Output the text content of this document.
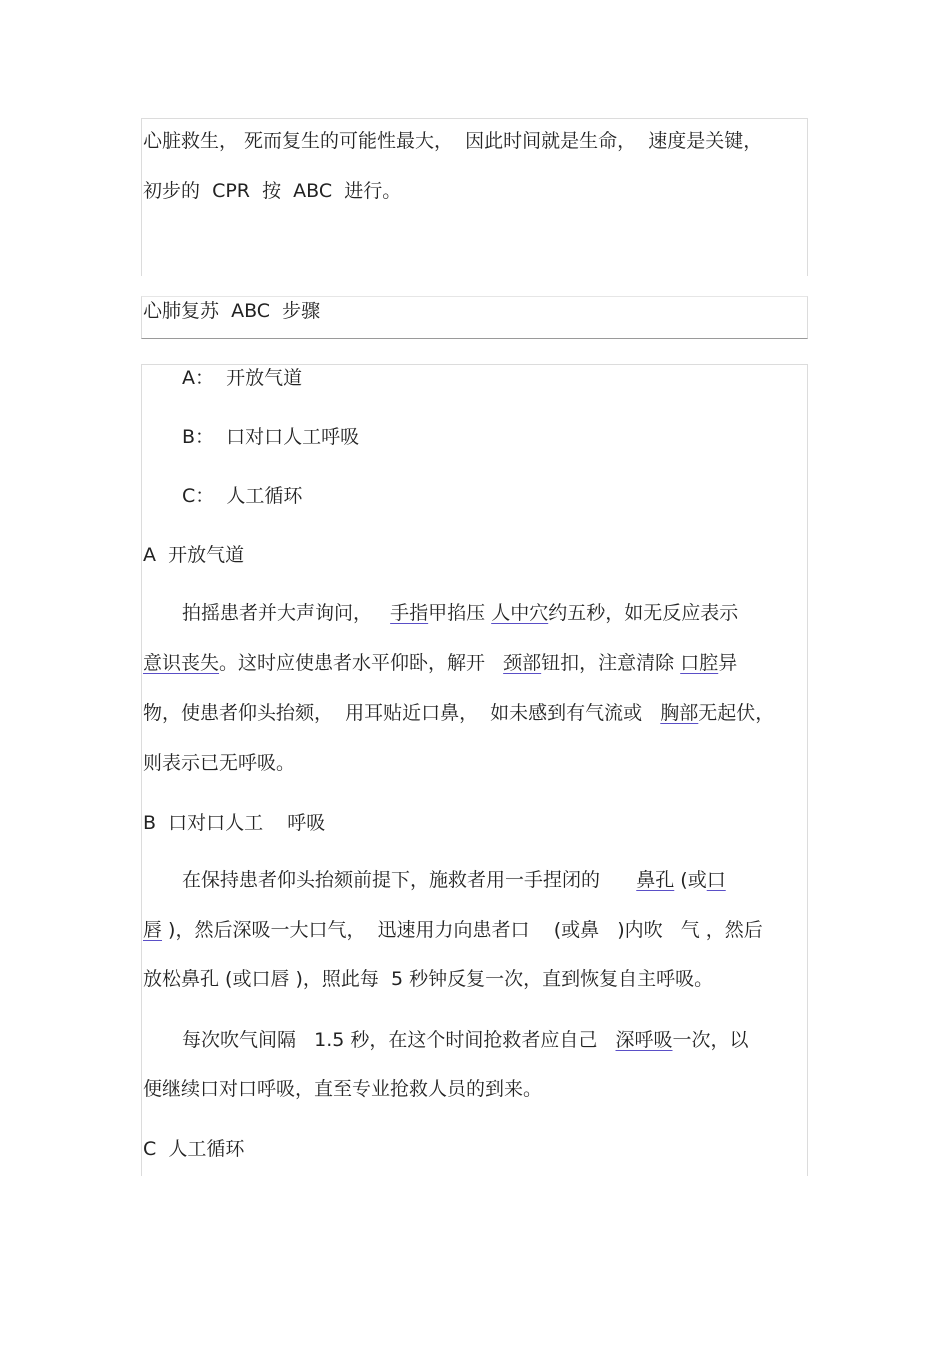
心脏救生， 死而复生的可能性最大，  因此时间就是生命，  速度是关键，
初步的  CPR  按  ABC  进行。
心肺复苏  ABC  步骤
A：  开放气道
B：  口对口人工呼吸
C：  人工循环
A  开放气道
拍摇患者并大声询问，   手指甲掐压 人中穴约五秒，如无反应表示
意识丧失。这时应使患者水平仰卧，解开   颈部钮扣，注意清除 口腔异
物，使患者仰头抬颏，  用耳贴近口鼻，  如未感到有气流或   胸部无起伏，
则表示已无呼吸。
B  口对口人工    呼吸
在保持患者仰头抬颏前提下，施救者用一手捏闭的      鼻孔 (或口
唇 )，然后深吸一大口气，  迅速用力向患者口    (或鼻   )内吹   气 ，然后
放松鼻孔 (或口唇 )，照此每  5 秒钟反复一次，直到恢复自主呼吸。
每次吹气间隔   1.5 秒，在这个时间抢救者应自己   深呼吸一次，以
便继续口对口呼吸，直至专业抢救人员的到来。
C  人工循环
